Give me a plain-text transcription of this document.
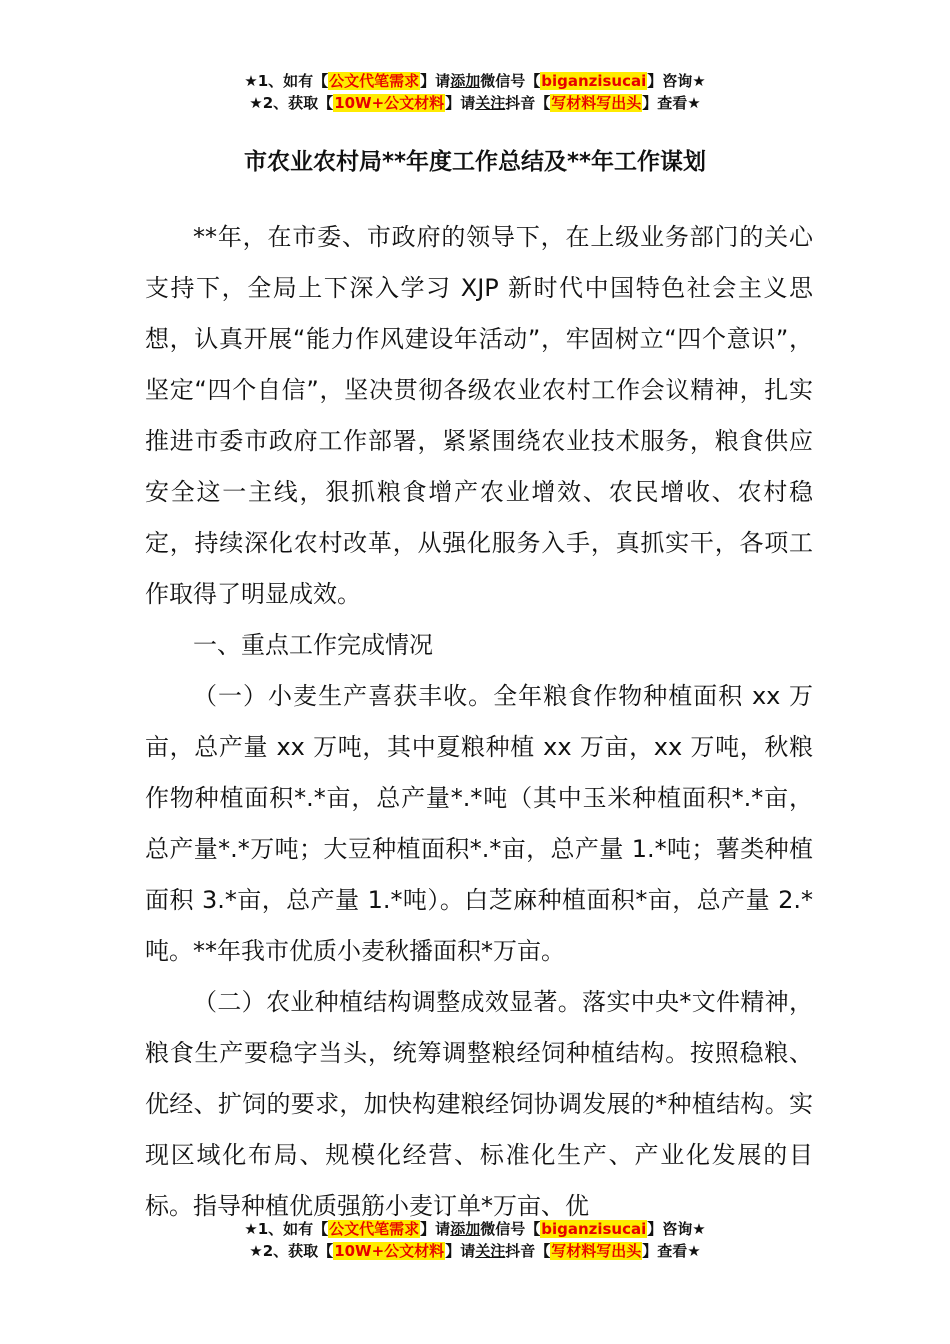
★1、如有【公文代笔需求】请添加微信号【biganzisucai】咨询★
★2、获取【10W+公文材料】请关注抖音【写材料写出头】查看★
市农业农村局**年度工作总结及**年工作谋划

**年，在市委、市政府的领导下，在上级业务部门的关心支持下，全局上下深入学习 XJP 新时代中国特色社会主义思想，认真开展“能力作风建设年活动”，牢固树立“四个意识”，坚定“四个自信”，坚决贯彻各级农业农村工作会议精神，扎实推进市委市政府工作部署，紧紧围绕农业技术服务，粮食供应安全这一主线，狠抓粮食增产农业增效、农民增收、农村稳定，持续深化农村改革，从强化服务入手，真抓实干，各项工作取得了明显成效。

一、重点工作完成情况

（一）小麦生产喜获丰收。全年粮食作物种植面积 xx 万亩，总产量 xx 万吨，其中夏粮种植 xx 万亩，xx 万吨，秋粮作物种植面积*.*亩，总产量*.*吨（其中玉米种植面积*.*亩，总产量*.*万吨；大豆种植面积*.*亩，总产量 1.*吨；薯类种植面积 3.*亩，总产量 1.*吨）。白芝麻种植面积*亩，总产量 2.*吨。**年我市优质小麦秋播面积*万亩。

（二）农业种植结构调整成效显著。落实中央*文件精神，粮食生产要稳字当头，统筹调整粮经饲种植结构。按照稳粮、优经、扩饲的要求，加快构建粮经饲协调发展的*种植结构。实现区域化布局、规模化经营、标准化生产、产业化发展的目标。指导种植优质强筋小麦订单*万亩、优

★1、如有【公文代笔需求】请添加微信号【biganzisucai】咨询★
★2、获取【10W+公文材料】请关注抖音【写材料写出头】查看★
